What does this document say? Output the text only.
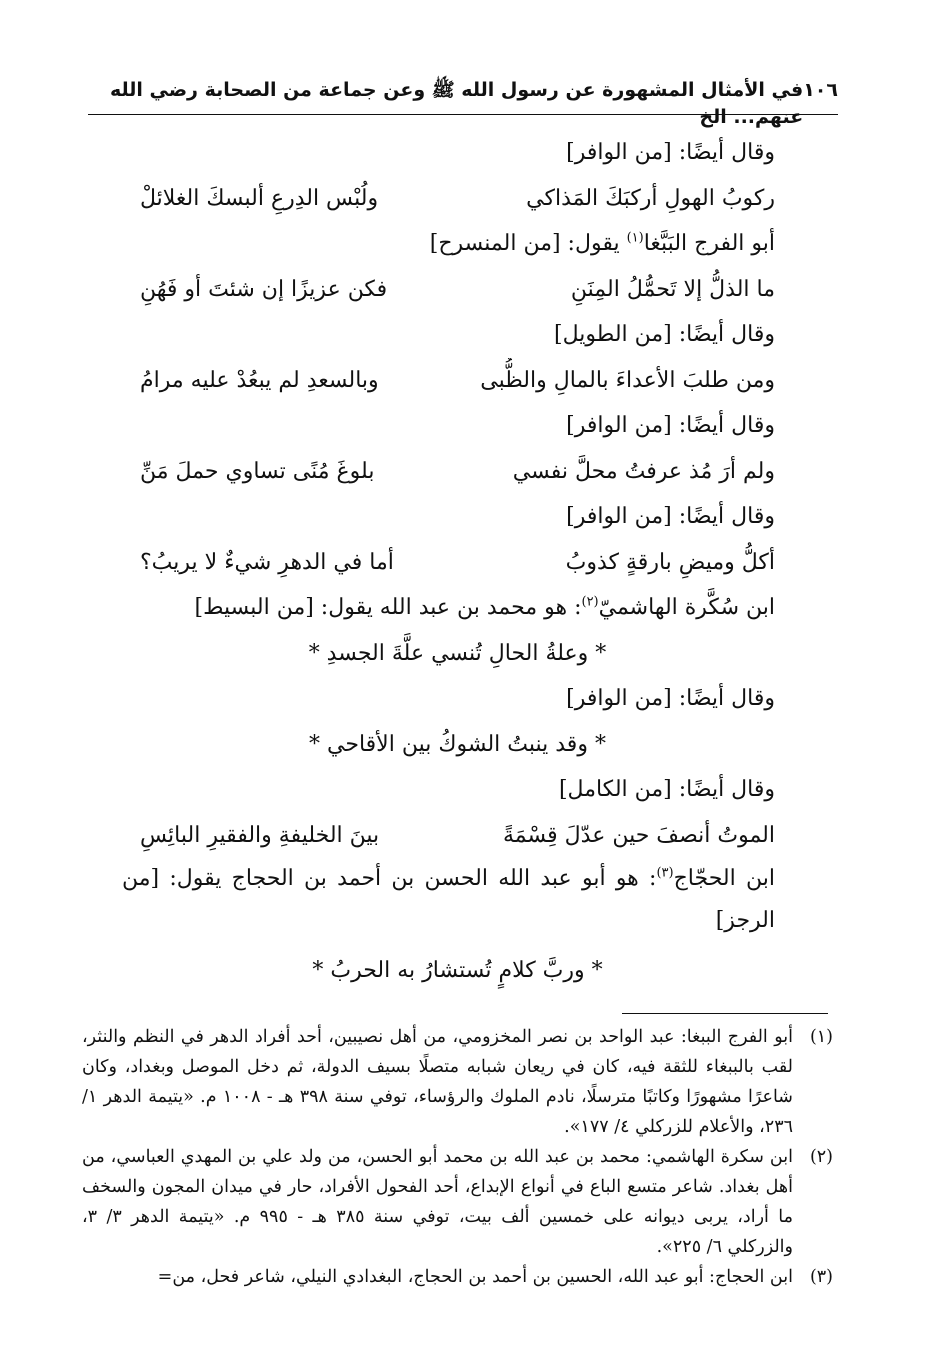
١٠٦
في الأمثال المشهورة عن رسول الله ﷺ وعن جماعة من الصحابة رضي الله عنهم... الخ
وقال أيضًا: [من الوافر]
ركوبُ الهولِ أركبَكَ المَذاكي
ولُبْس الدِرعِ ألبسكَ الغلائلْ
أبو الفرج البَبَّغا$^{(١)}$ يقول: [من المنسرح]
ما الذلُّ إلا تَحمُّلُ المِنَنِ
فكن عزيزًا إن شئتَ أو فَهُنِ
وقال أيضًا: [من الطويل]
ومن طلبَ الأعداءَ بالمالِ والظُّبى
وبالسعدِ لم يبعُدْ عليه مرامُ
وقال أيضًا: [من الوافر]
ولم أرَ مُذ عرفتُ محلَّ نفسي
بلوغَ مُنًى تساوي حملَ مَنِّ
وقال أيضًا: [من الوافر]
أكلُّ وميضِ بارقةٍ كذوبُ
أما في الدهرِ شيءٌ لا يريبُ؟
ابن سُكَّرة الهاشميّ$^{(٢)}$: هو محمد بن عبد الله يقول: [من البسيط]
* وعلةُ الحالِ تُنسي علَّةَ الجسدِ *
وقال أيضًا: [من الوافر]
* وقد ينبتُ الشوكُ بين الأقاحي *
وقال أيضًا: [من الكامل]
الموتُ أنصفَ حين عدّلَ قِسْمَةً
بينَ الخليفةِ والفقيرِ البائِسِ
ابن الحجّاج$^{(٣)}$: هو أبو عبد الله الحسن بن أحمد بن الحجاج يقول: [من الرجز]
* وربَّ كلامٍ تُستشارُ به الحربُ *
(١)
أبو الفرج الببغا: عبد الواحد بن نصر المخزومي، من أهل نصيبين، أحد أفراد الدهر في النظم والنثر، لقب بالببغاء للثقة فيه، كان في ريعان شبابه متصلًا بسيف الدولة، ثم دخل الموصل وبغداد، وكان شاعرًا مشهورًا وكاتبًا مترسلًا، نادم الملوك والرؤساء، توفي سنة ٣٩٨ هـ - ١٠٠٨ م. «يتيمة الدهر ١/ ٢٣٦، والأعلام للزركلي ٤/ ١٧٧».
(٢)
ابن سكرة الهاشمي: محمد بن عبد الله بن محمد أبو الحسن، من ولد علي بن المهدي العباسي، من أهل بغداد. شاعر متسع الباع في أنواع الإبداع، أحد الفحول الأفراد، حار في ميدان المجون والسخف ما أراد، يربى ديوانه على خمسين ألف بيت، توفي سنة ٣٨٥ هـ - ٩٩٥ م. «يتيمة الدهر ٣/ ٣، والزركلي ٦/ ٢٢٥».
(٣)
ابن الحجاج: أبو عبد الله، الحسين بن أحمد بن الحجاج، البغدادي النيلي، شاعر فحل، من=
